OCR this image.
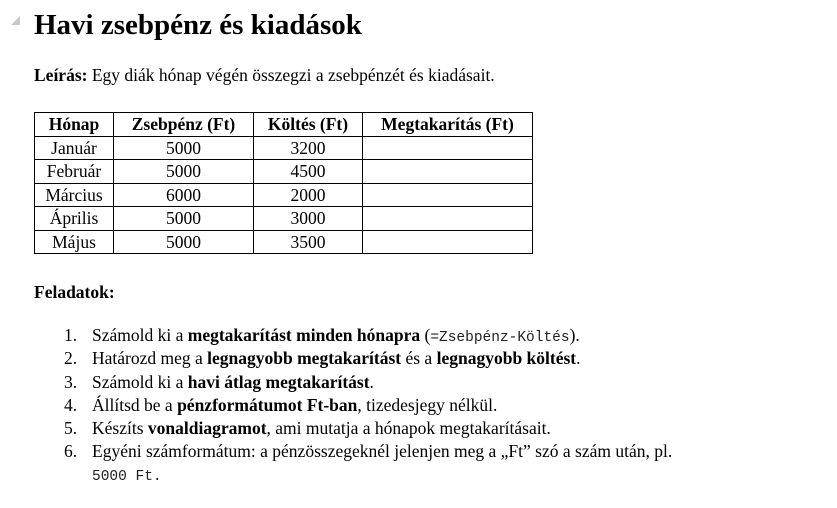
Havi zsebpénz és kiadások
Leírás: Egy diák hónap végén összegzi a zsebpénzét és kiadásait.
Hónap	Zsebpénz (Ft)	Költés (Ft)	Megtakarítás (Ft)
Január	5000	3200	
Február	5000	4500	
Március	6000	2000	
Április	5000	3000	
Május	5000	3500	
Feladatok:
1. Számold ki a megtakarítást minden hónapra (=Zsebpénz-Költés).
2. Határozd meg a legnagyobb megtakarítást és a legnagyobb költést.
3. Számold ki a havi átlag megtakarítást.
4. Állítsd be a pénzformátumot Ft-ban, tizedesjegy nélkül.
5. Készíts vonaldiagramot, ami mutatja a hónapok megtakarításait.
6. Egyéni számformátum: a pénzösszegeknél jelenjen meg a „Ft” szó a szám után, pl.
5000 Ft.
